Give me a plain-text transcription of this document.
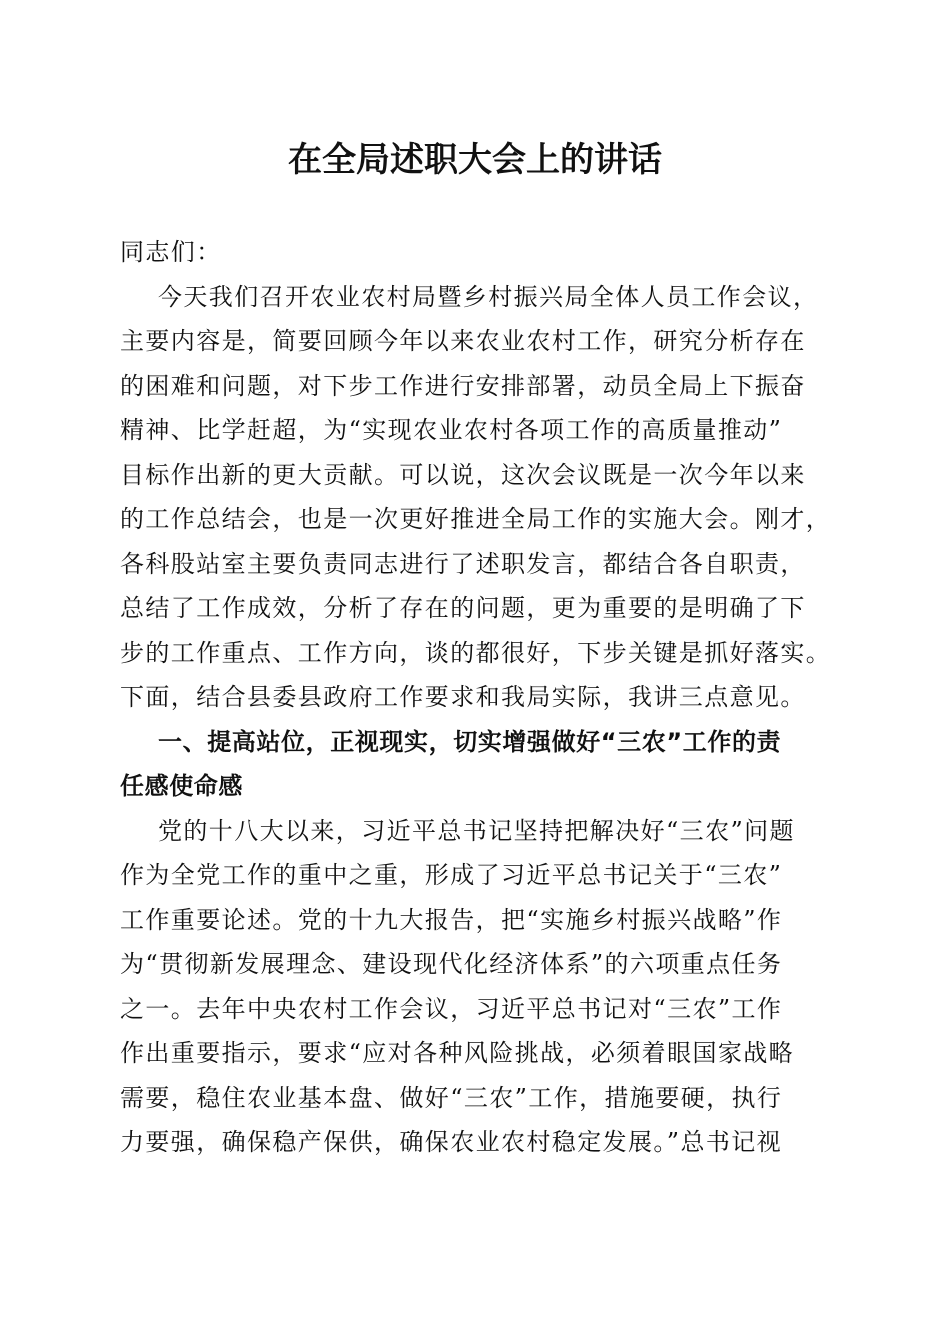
在全局述职大会上的讲话
同志们：
今天我们召开农业农村局暨乡村振兴局全体人员工作会议，
主要内容是，简要回顾今年以来农业农村工作，研究分析存在
的困难和问题，对下步工作进行安排部署，动员全局上下振奋
精神、比学赶超，为“实现农业农村各项工作的高质量推动”
目标作出新的更大贡献。可以说，这次会议既是一次今年以来
的工作总结会，也是一次更好推进全局工作的实施大会。刚才，
各科股站室主要负责同志进行了述职发言，都结合各自职责，
总结了工作成效，分析了存在的问题，更为重要的是明确了下
步的工作重点、工作方向，谈的都很好，下步关键是抓好落实。
下面，结合县委县政府工作要求和我局实际，我讲三点意见。
一、提高站位，正视现实，切实增强做好“三农”工作的责
任感使命感
党的十八大以来，习近平总书记坚持把解决好“三农”问题
作为全党工作的重中之重，形成了习近平总书记关于“三农”
工作重要论述。党的十九大报告，把“实施乡村振兴战略”作
为“贯彻新发展理念、建设现代化经济体系”的六项重点任务
之一。去年中央农村工作会议，习近平总书记对“三农”工作
作出重要指示，要求“应对各种风险挑战，必须着眼国家战略
需要，稳住农业基本盘、做好“三农”工作，措施要硬，执行
力要强，确保稳产保供，确保农业农村稳定发展。”总书记视
